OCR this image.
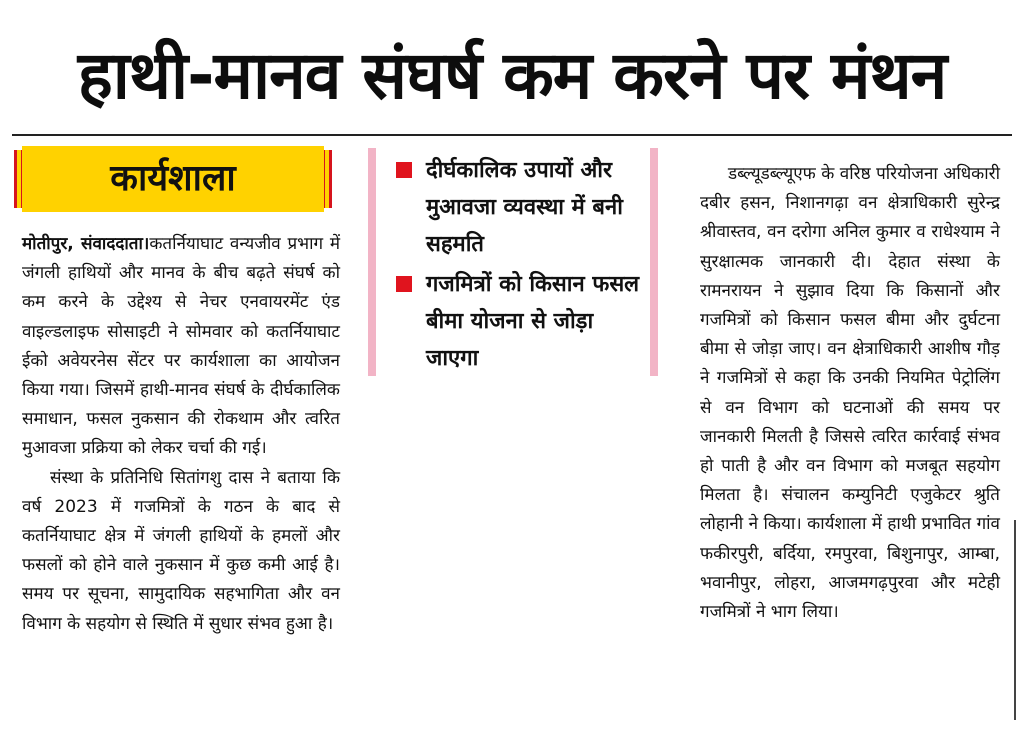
हाथी-मानव संघर्ष कम करने पर मंथन
कार्यशाला	दीर्घकालिक उपायों और मुआवजा व्यवस्था में बनी सहमति
गजमित्रों को किसान फसल बीमा योजना से जोड़ा जाएगा

मोतीपुर, संवाददाता।कतर्नियाघाट वन्यजीव प्रभाग में जंगली हाथियों और मानव के बीच बढ़ते संघर्ष को कम करने के उद्देश्य से नेचर एनवायरमेंट एंड वाइल्डलाइफ सोसाइटी ने सोमवार को कतर्नियाघाट ईको अवेयरनेस सेंटर पर कार्यशाला का आयोजन किया गया। जिसमें हाथी-मानव संघर्ष के दीर्घकालिक समाधान, फसल नुकसान की रोकथाम और त्वरित मुआवजा प्रक्रिया को लेकर चर्चा की गई।

संस्था के प्रतिनिधि सितांगशु दास ने बताया कि वर्ष 2023 में गजमित्रों के गठन के बाद से कतर्नियाघाट क्षेत्र में जंगली हाथियों के हमलों और फसलों को होने वाले नुकसान में कुछ कमी आई है। समय पर सूचना, सामुदायिक सहभागिता और वन विभाग के सहयोग से स्थिति में सुधार संभव हुआ है।

डब्ल्यूडब्ल्यूएफ के वरिष्ठ परियोजना अधिकारी दबीर हसन, निशानगढ़ा वन क्षेत्राधिकारी सुरेन्द्र श्रीवास्तव, वन दरोगा अनिल कुमार व राधेश्याम ने सुरक्षात्मक जानकारी दी। देहात संस्था के रामनरायन ने सुझाव दिया कि किसानों और गजमित्रों को किसान फसल बीमा और दुर्घटना बीमा से जोड़ा जाए। वन क्षेत्राधिकारी आशीष गौड़ ने गजमित्रों से कहा कि उनकी नियमित पेट्रोलिंग से वन विभाग को घटनाओं की समय पर जानकारी मिलती है जिससे त्वरित कार्रवाई संभव हो पाती है और वन विभाग को मजबूत सहयोग मिलता है। संचालन कम्युनिटी एजुकेटर श्रुति लोहानी ने किया। कार्यशाला में हाथी प्रभावित गांव फकीरपुरी, बर्दिया, रमपुरवा, बिशुनापुर, आम्बा, भवानीपुर, लोहरा, आजमगढ़पुरवा और मटेही गजमित्रों ने भाग लिया।
